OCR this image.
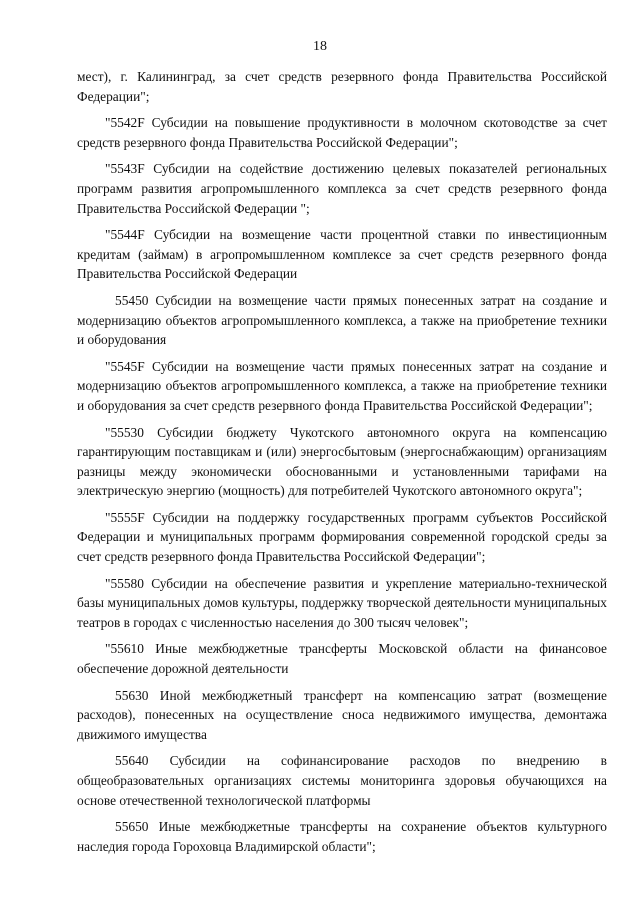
18

мест), г. Калининград, за счет средств резервного фонда Правительства Российской Федерации";

"5542F Субсидии на повышение продуктивности в молочном скотоводстве за счет средств резервного фонда Правительства Российской Федерации";

"5543F Субсидии на содействие достижению целевых показателей региональных программ развития агропромышленного комплекса за счет средств резервного фонда Правительства Российской Федерации ";

"5544F Субсидии на возмещение части процентной ставки по инвестиционным кредитам (займам) в агропромышленном комплексе за счет средств резервного фонда Правительства Российской Федерации

55450 Субсидии на возмещение части прямых понесенных затрат на создание и модернизацию объектов агропромышленного комплекса, а также на приобретение техники и оборудования

"5545F Субсидии на возмещение части прямых понесенных затрат на создание и модернизацию объектов агропромышленного комплекса, а также на приобретение техники и оборудования за счет средств резервного фонда Правительства Российской Федерации";

"55530 Субсидии бюджету Чукотского автономного округа на компенсацию гарантирующим поставщикам и (или) энергосбытовым (энергоснабжающим) организациям разницы между экономически обоснованными и установленными тарифами на электрическую энергию (мощность) для потребителей Чукотского автономного округа";

"5555F Субсидии на поддержку государственных программ субъектов Российской Федерации и муниципальных программ формирования современной городской среды за счет средств резервного фонда Правительства Российской Федерации";

"55580 Субсидии на обеспечение развития и укрепление материально-технической базы муниципальных домов культуры, поддержку творческой деятельности муниципальных театров в городах с численностью населения до 300 тысяч человек";

"55610 Иные межбюджетные трансферты Московской области на финансовое обеспечение дорожной деятельности

55630 Иной межбюджетный трансферт на компенсацию затрат (возмещение расходов), понесенных на осуществление сноса недвижимого имущества, демонтажа движимого имущества

55640 Субсидии на софинансирование расходов по внедрению в общеобразовательных организациях системы мониторинга здоровья обучающихся на основе отечественной технологической платформы

55650 Иные межбюджетные трансферты на сохранение объектов культурного наследия города Гороховца Владимирской области";
